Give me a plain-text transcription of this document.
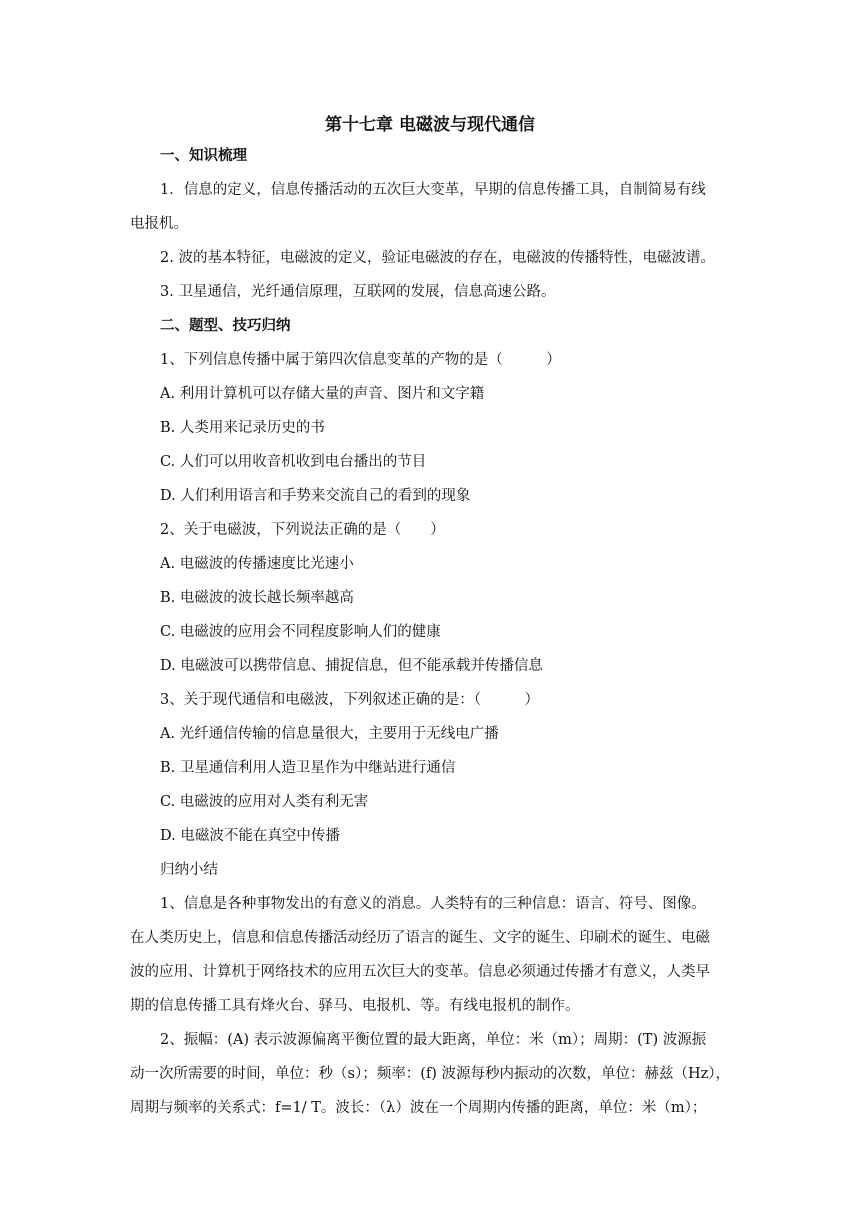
第十七章 电磁波与现代通信
一、知识梳理
1．信息的定义，信息传播活动的五次巨大变革，早期的信息传播工具，自制简易有线
电报机。
2. 波的基本特征，电磁波的定义，验证电磁波的存在，电磁波的传播特性，电磁波谱。
3. 卫星通信，光纤通信原理，互联网的发展，信息高速公路。
二、题型、技巧归纳
1、下列信息传播中属于第四次信息变革的产物的是（　　　）
A. 利用计算机可以存储大量的声音、图片和文字籍
B. 人类用来记录历史的书
C. 人们可以用收音机收到电台播出的节目
D. 人们利用语言和手势来交流自己的看到的现象
2、关于电磁波，下列说法正确的是（　　）
A. 电磁波的传播速度比光速小
B. 电磁波的波长越长频率越高
C. 电磁波的应用会不同程度影响人们的健康
D. 电磁波可以携带信息、捕捉信息，但不能承载并传播信息
3、关于现代通信和电磁波，下列叙述正确的是：（　　　）
A. 光纤通信传输的信息量很大，主要用于无线电广播
B. 卫星通信利用人造卫星作为中继站进行通信
C. 电磁波的应用对人类有利无害
D. 电磁波不能在真空中传播
归纳小结
1、信息是各种事物发出的有意义的消息。人类特有的三种信息：语言、符号、图像。
在人类历史上，信息和信息传播活动经历了语言的诞生、文字的诞生、印刷术的诞生、电磁
波的应用、计算机于网络技术的应用五次巨大的变革。信息必须通过传播才有意义，人类早
期的信息传播工具有烽火台、驿马、电报机、等。有线电报机的制作。
2、振幅：(A) 表示波源偏离平衡位置的最大距离，单位：米（m）；周期：(T) 波源振
动一次所需要的时间，单位：秒（s）；频率：(f) 波源每秒内振动的次数，单位：赫兹（Hz），
周期与频率的关系式：f=1/ T。波长：（λ）波在一个周期内传播的距离，单位：米（m）；
